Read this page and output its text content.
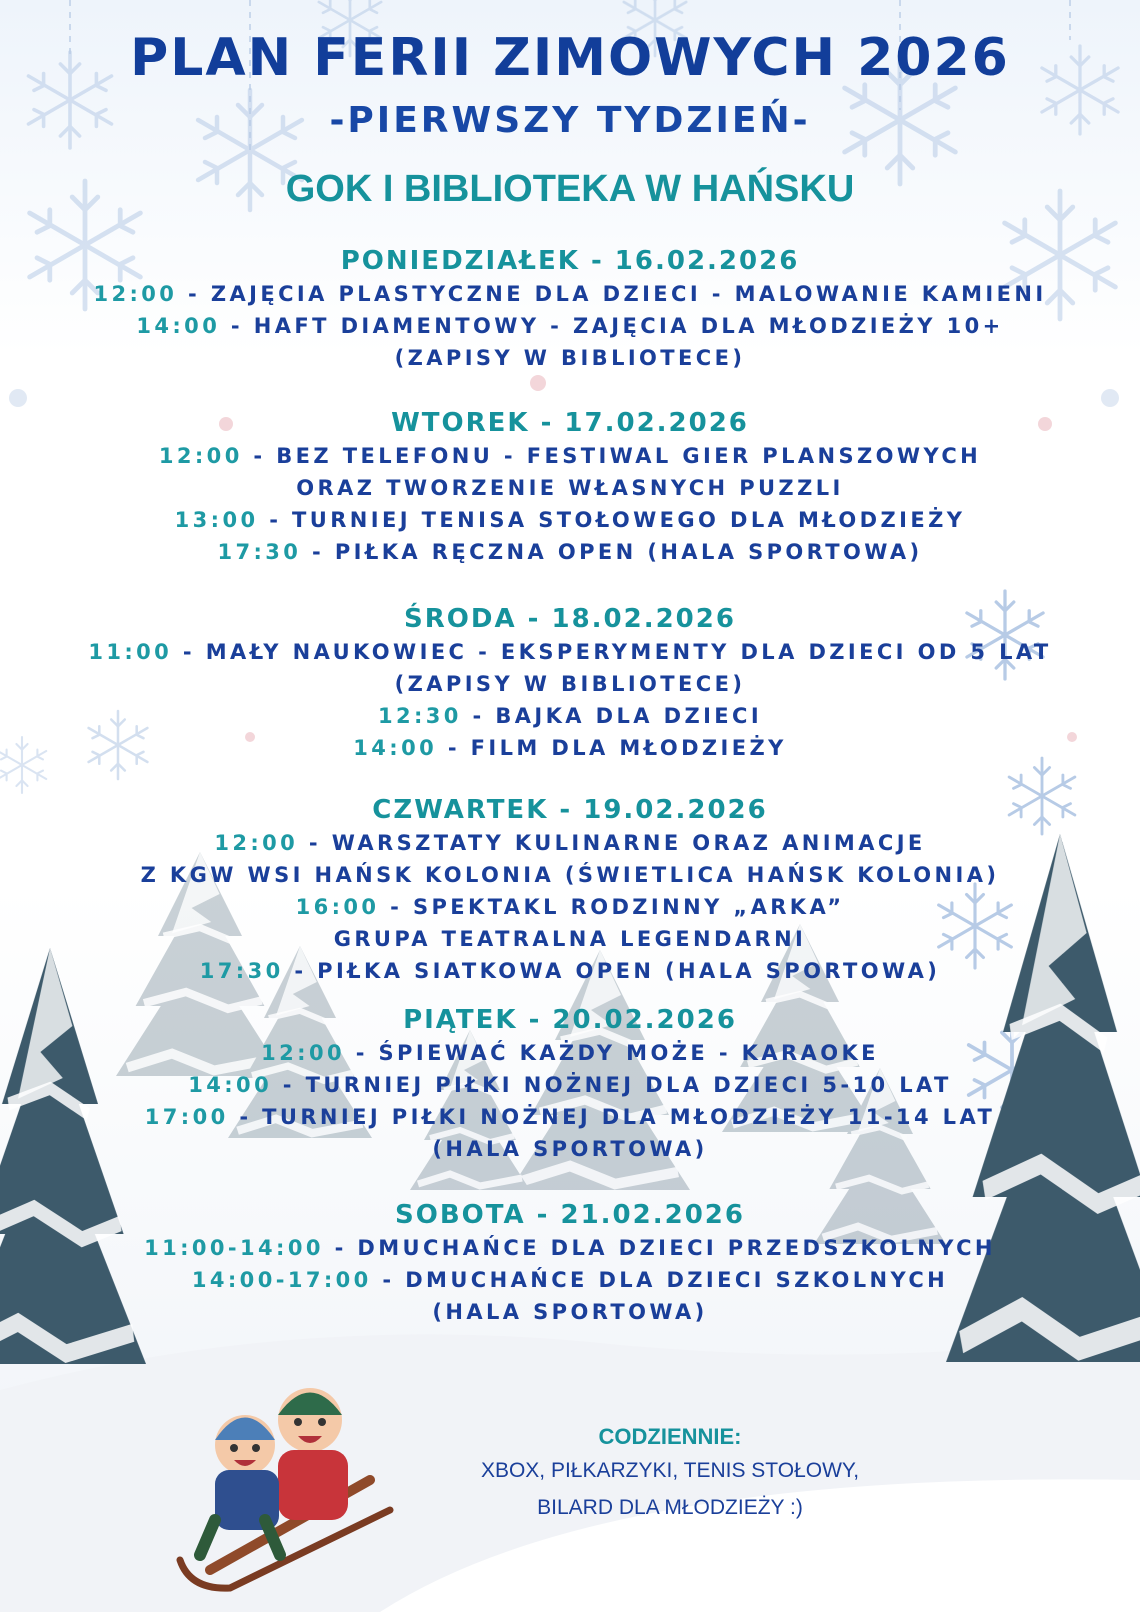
PLAN FERII ZIMOWYCH 2026
-PIERWSZY TYDZIEŃ-
GOK I BIBLIOTEKA W HAŃSKU
PONIEDZIAŁEK - 16.02.2026
12:00 - ZAJĘCIA PLASTYCZNE DLA DZIECI - MALOWANIE KAMIENI
14:00 - HAFT DIAMENTOWY - ZAJĘCIA DLA MŁODZIEŻY 10+
(ZAPISY W BIBLIOTECE)
WTOREK - 17.02.2026
12:00 - BEZ TELEFONU - FESTIWAL GIER PLANSZOWYCH
ORAZ TWORZENIE WŁASNYCH PUZZLI
13:00 - TURNIEJ TENISA STOŁOWEGO DLA MŁODZIEŻY
17:30 - PIŁKA RĘCZNA OPEN (HALA SPORTOWA)
ŚRODA - 18.02.2026
11:00 - MAŁY NAUKOWIEC - EKSPERYMENTY DLA DZIECI OD 5 LAT
(ZAPISY W BIBLIOTECE)
12:30 - BAJKA DLA DZIECI
14:00 - FILM DLA MŁODZIEŻY
CZWARTEK - 19.02.2026
12:00 - WARSZTATY KULINARNE ORAZ ANIMACJE
Z KGW WSI HAŃSK KOLONIA (ŚWIETLICA HAŃSK KOLONIA)
16:00 - SPEKTAKL RODZINNY „ARKA”
GRUPA TEATRALNA LEGENDARNI
17:30 - PIŁKA SIATKOWA OPEN (HALA SPORTOWA)
PIĄTEK - 20.02.2026
12:00 - ŚPIEWAĆ KAŻDY MOŻE - KARAOKE
14:00 - TURNIEJ PIŁKI NOŻNEJ DLA DZIECI 5-10 LAT
17:00 - TURNIEJ PIŁKI NOŻNEJ DLA MŁODZIEŻY 11-14 LAT
(HALA SPORTOWA)
SOBOTA - 21.02.2026
11:00-14:00 - DMUCHAŃCE DLA DZIECI PRZEDSZKOLNYCH
14:00-17:00 - DMUCHAŃCE DLA DZIECI SZKOLNYCH
(HALA SPORTOWA)
CODZIENNIE:
XBOX, PIŁKARZYKI, TENIS STOŁOWY,
BILARD DLA MŁODZIEŻY :)
